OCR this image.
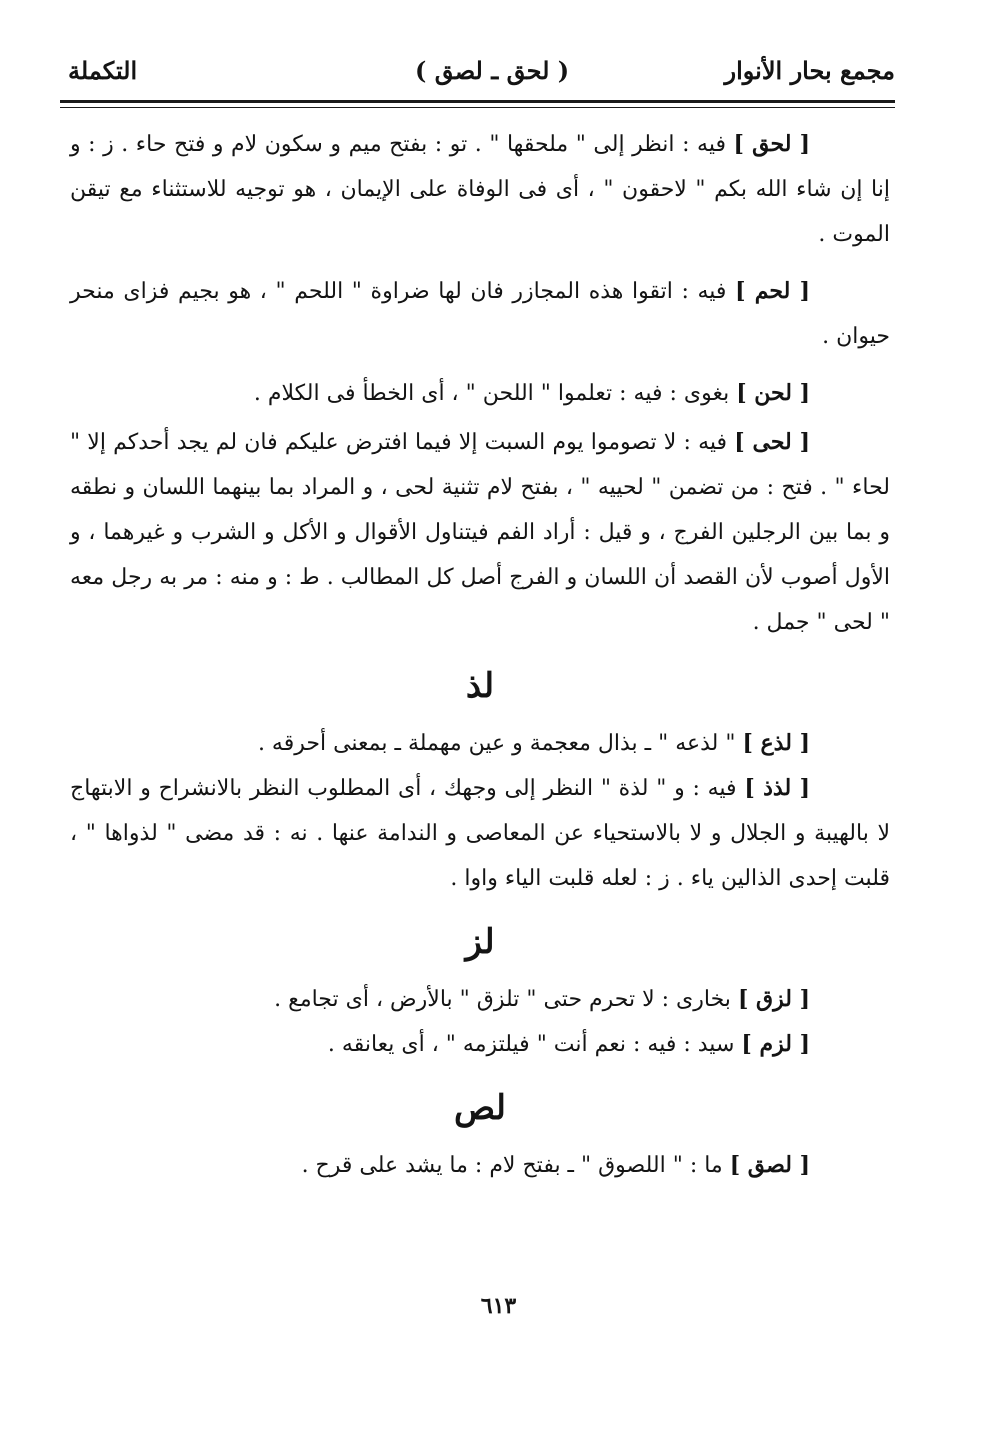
مجمع بحار الأنوار
( لحق ـ لصق )
التكملة

[ لحق ] فيه : انظر إلى " ملحقها " . تو : بفتح ميم و سكون لام و فتح حاء . ز : و إنا إن شاء الله بكم " لاحقون " ، أى فى الوفاة على الإيمان ، هو توجيه للاستثناء مع تيقن الموت .

[ لحم ] فيه : اتقوا هذه المجازر فان لها ضراوة " اللحم " ، هو بجيم فزاى منحر حيوان .

[ لحن ] بغوى : فيه : تعلموا " اللحن " ، أى الخطأ فى الكلام .

[ لحى ] فيه : لا تصوموا يوم السبت إلا فيما افترض عليكم فان لم يجد أحدكم إلا " لحاء " . فتح : من تضمن " لحييه " ، بفتح لام تثنية لحى ، و المراد بما بينهما اللسان و نطقه و بما بين الرجلين الفرج ، و قيل : أراد الفم فيتناول الأقوال و الأكل و الشرب و غيرهما ، و الأول أصوب لأن القصد أن اللسان و الفرج أصل كل المطالب . ط : و منه : مر به رجل معه " لحى " جمل .

لذ

[ لذع ] " لذعه " ـ بذال معجمة و عين مهملة ـ بمعنى أحرقه .

[ لذذ ] فيه : و " لذة " النظر إلى وجهك ، أى المطلوب النظر بالانشراح و الابتهاج لا بالهيبة و الجلال و لا بالاستحياء عن المعاصى و الندامة عنها . نه : قد مضى " لذواها " ، قلبت إحدى الذالين ياء . ز : لعله قلبت الياء واوا .

لز

[ لزق ] بخارى : لا تحرم حتى " تلزق " بالأرض ، أى تجامع .

[ لزم ] سيد : فيه : نعم أنت " فيلتزمه " ، أى يعانقه .

لص

[ لصق ] ما : " اللصوق " ـ بفتح لام : ما يشد على قرح .

٦١٣
